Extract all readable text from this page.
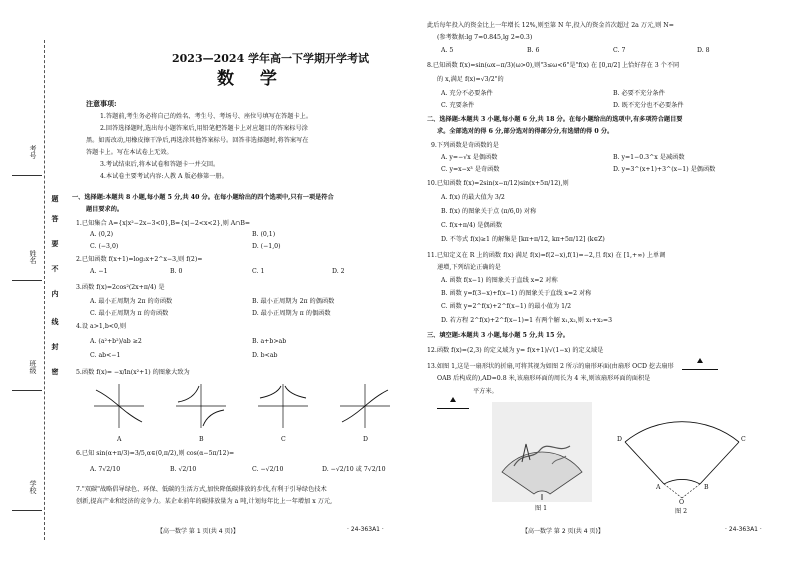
考号
姓名
班级
学校
题
答
要
不
内
线
封
密
2023—2024 学年高一下学期开学考试
数 学
注意事项:
1.答题前,考生务必将自己的姓名、考生号、考场号、座位号填写在答题卡上。
2.回答选择题时,选出每小题答案后,用铅笔把答题卡上对应题目的答案标号涂
黑。如需改动,用橡皮擦干净后,再选涂其他答案标号。回答非选择题时,将答案写在
答题卡上。写在本试卷上无效。
3.考试结束后,将本试卷和答题卡一并交回。
4.本试卷主要考试内容:人教 A 版必修第一册。
一、选择题:本题共 8 小题,每小题 5 分,共 40 分。在每小题给出的四个选项中,只有一项是符合
题目要求的。
1.已知集合 A={x|x²−2x−3<0},B={x|−2<x<2},则 A∩B=
A. (0,2)	B. (0,1)
C. (−3,0)	D. (−1,0)
2.已知函数 f(x+1)=log₂x+2^x−3,则 f(2)=
A. −1	B. 0	C. 1	D. 2
3.函数 f(x)=2cos²(2x+π/4) 是
A. 最小正周期为 2π 的奇函数	B. 最小正周期为 2π 的偶函数
C. 最小正周期为 π 的奇函数	D. 最小正周期为 π 的偶函数
4.设 a>1,b<0,则
A. (a²+b²)/ab ≥2	B. a+b>ab
C. ab<−1	D. b<ab
5.函数 f(x)= −x/ln(x²+1) 的图象大致为
A	B	C	D
6.已知 sin(α+π/3)=3/5,α∈(0,π/2),则 cos(α−5π/12)=
A. 7√2/10	B. √2/10	C. −√2/10	D. −√2/10 或 7√2/10
7."双碳"战略倡导绿色、环保、低碳的生活方式,加快降低碳排放的步伐,有利于引导绿色技术
创新,提高产业和经济的竞争力。某企业前年的碳排放量为 a 吨,计划每年比上一年增加 x 万元,
【高一数学 第 1 页(共 4 页)】	· 24-363A1 ·
此后每年投入的资金比上一年增长 12%,则至第 N 年,投入的资金首次超过 2a 万元,则 N=
(参考数据:lg 7≈0.845,lg 2≈0.3)
A. 5	B. 6	C. 7	D. 8
8.已知函数 f(x)=sin(ωx−π/3)(ω>0),则"3≤ω<6"是"f(x) 在 [0,π/2] 上恰好存在 3 个不同
的 x,满足 f(x)=√3/2"的
A. 充分不必要条件	B. 必要不充分条件
C. 充要条件	D. 既不充分也不必要条件
二、选择题:本题共 3 小题,每小题 6 分,共 18 分。在每小题给出的选项中,有多项符合题目要
求。全部选对的得 6 分,部分选对的得部分分,有选错的得 0 分。
9.下列函数是奇函数的是
A. y=−√x 是偶函数	B. y=1−0.3^x 是减函数
C. y=x−x³ 是奇函数	D. y=3^(x+1)+3^(x−1) 是偶函数
10.已知函数 f(x)=2sin(x−π/12)sin(x+5π/12),则
A. f(x) 的最大值为 3/2
B. f(x) 的图象关于点 (π/6,0) 对称
C. f(x+π/4) 是偶函数
D. 不等式 f(x)≥1 的解集是 [kπ+π/12, kπ+5π/12] (k∈Z)
11.已知定义在 R 上的函数 f(x) 满足 f(x)=f(2−x),f(1)=−2,且 f(x) 在 [1,+∞) 上单调
递增,下列结论正确的是
A. 函数 f(x−1) 的图象关于直线 x=2 对称
B. 函数 y=f(3−x)+f(x−1) 的图象关于直线 x=2 对称
C. 函数 y=2^f(x)+2^f(x−1) 的最小值为 1/2
D. 若方程 2^f(x)+2^f(x−1)=1 有两个解 x₁,x₂,则 x₁+x₂=3
三、填空题:本题共 3 小题,每小题 5 分,共 15 分。
12.函数 f(x)=(2,3) 的定义域为 y= f(x+1)/√(1−x) 的定义域是
13.如图 1,这是一扇形状的折扇,可将其视为如图 2 所示的扇形环面(由扇形 OCD 挖去扇形
OAB 后构成的),AD=0.8 米,该扇形环面的周长为 4 米,则该扇形环面的面积是
平方米。
图 1
D	C
A	B
O
图 2
【高一数学 第 2 页(共 4 页)】	· 24-363A1 ·
